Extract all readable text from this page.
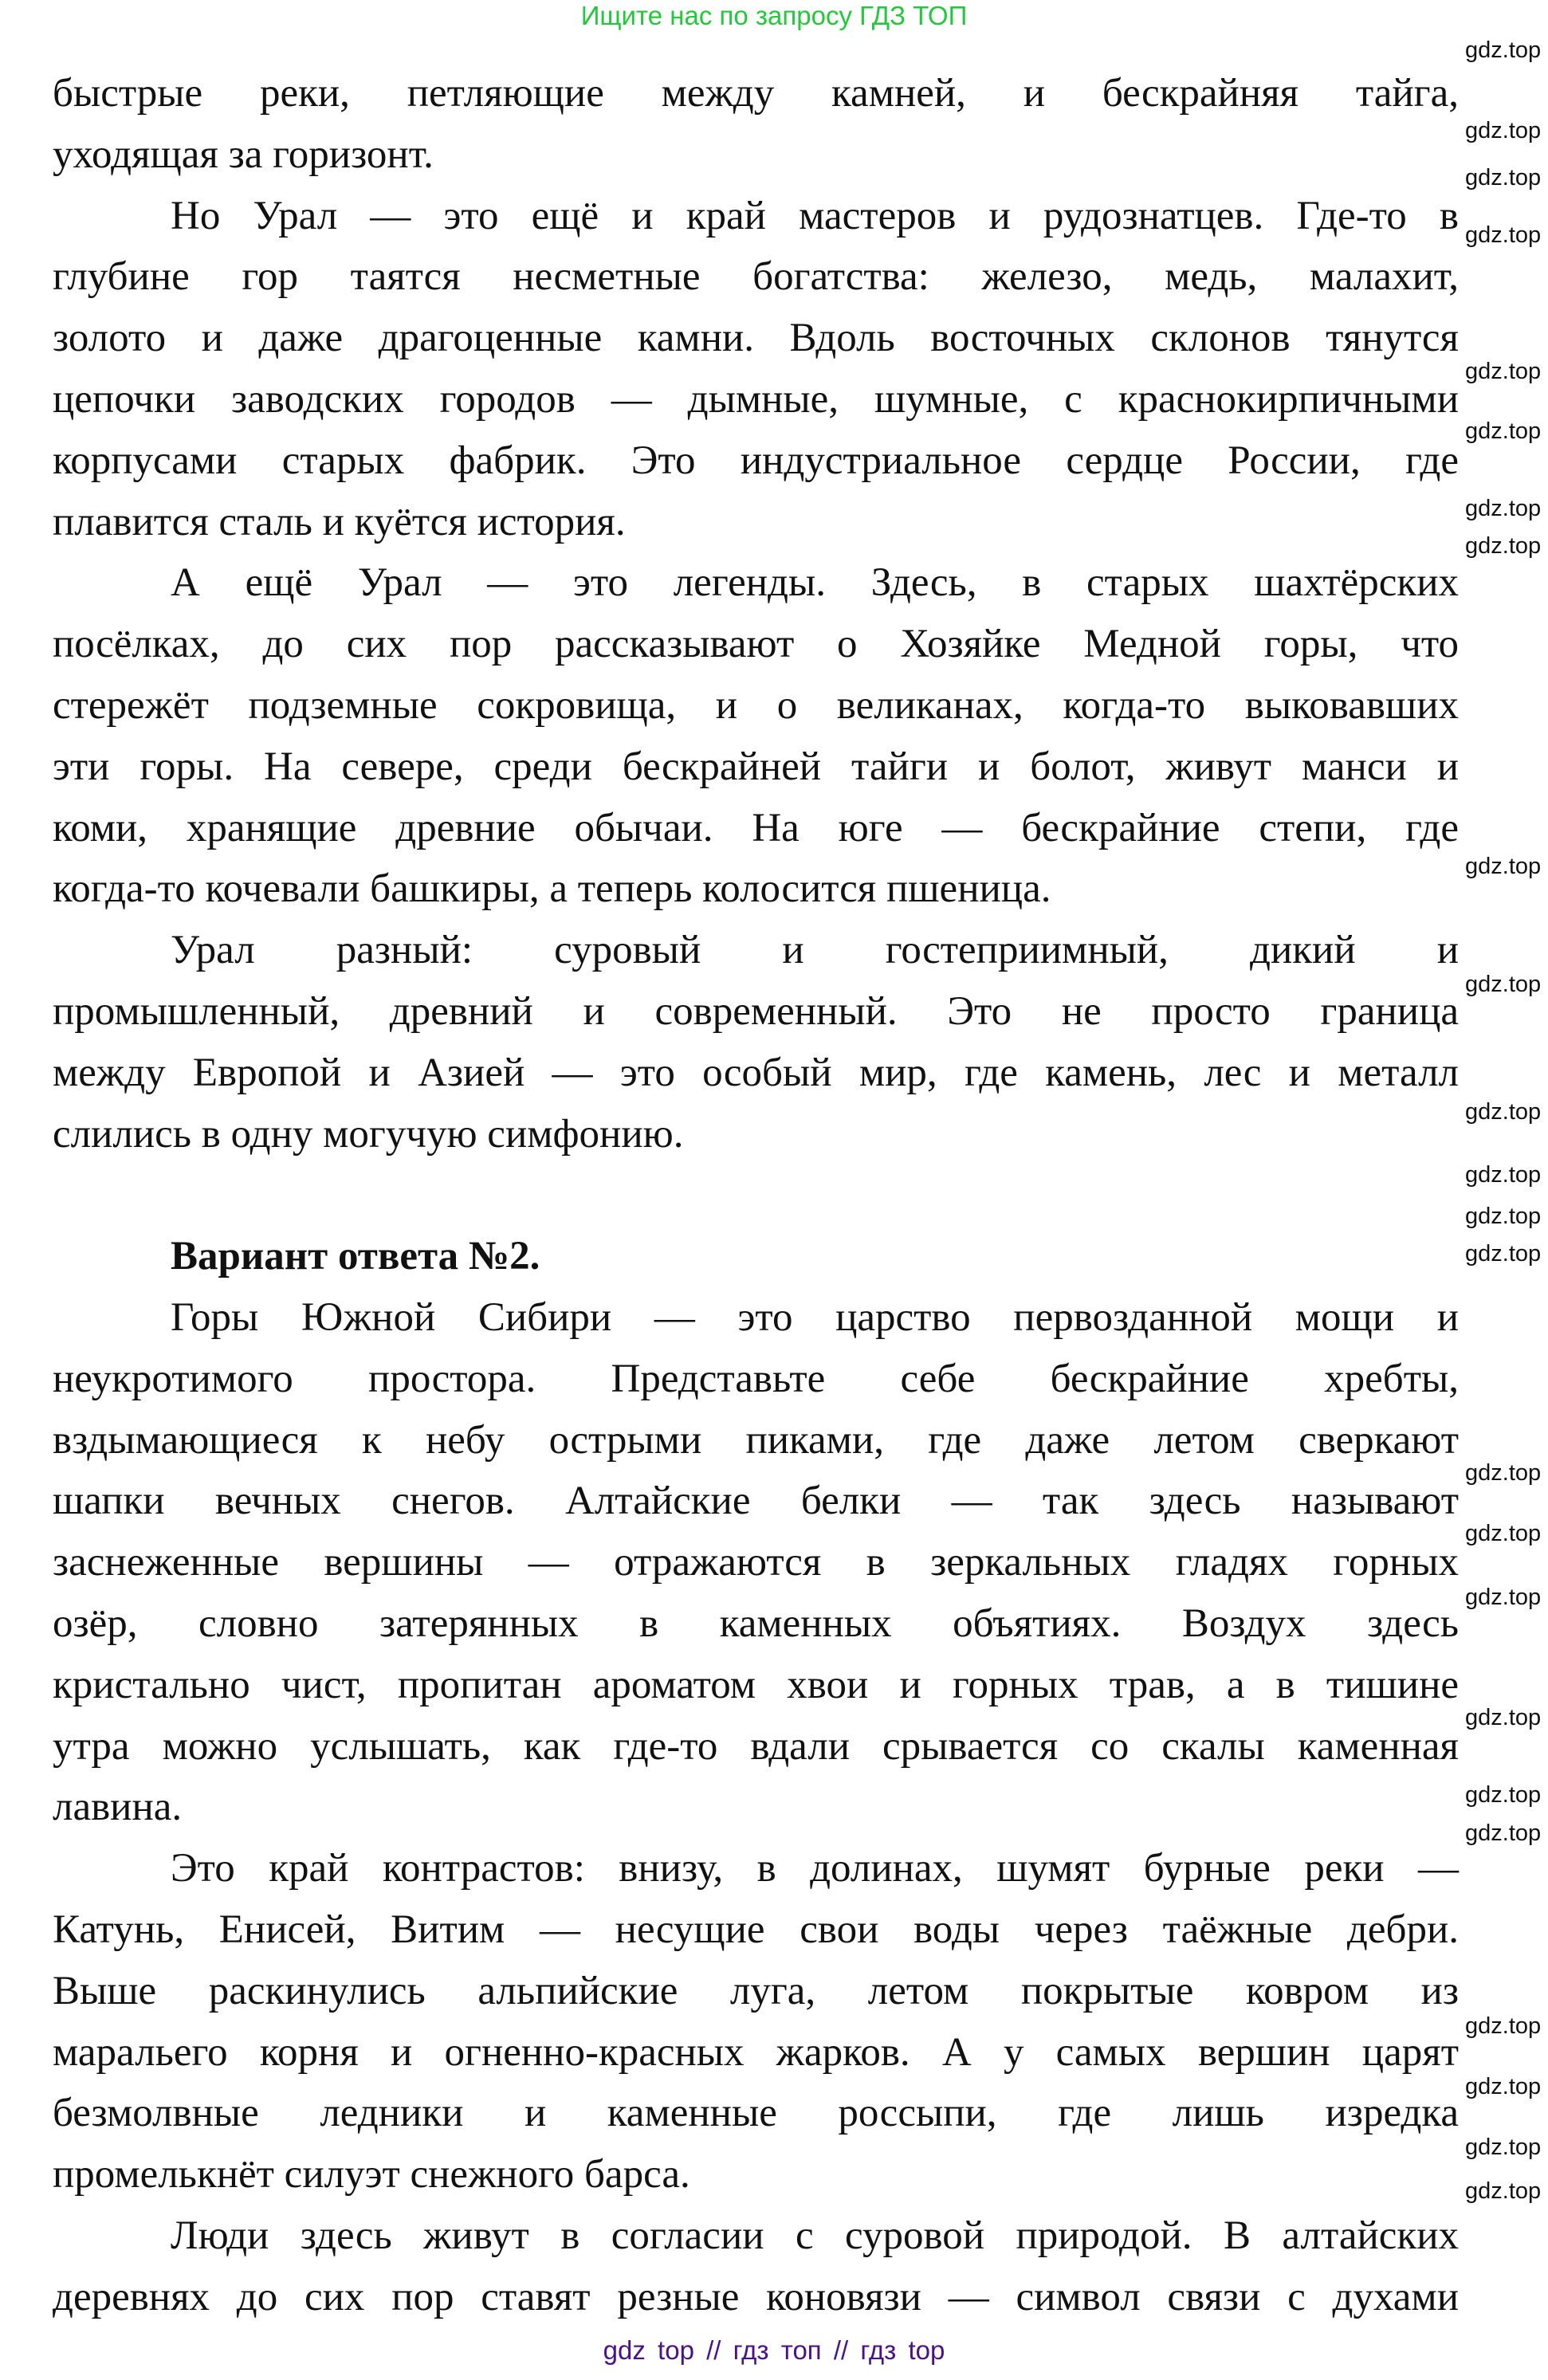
Ищите нас по запросу ГДЗ ТОП
быстрые реки, петляющие между камней, и бескрайняя тайга,
уходящая за горизонт.
Но Урал — это ещё и край мастеров и рудознатцев. Где-то в
глубине гор таятся несметные богатства: железо, медь, малахит,
золото и даже драгоценные камни. Вдоль восточных склонов тянутся
цепочки заводских городов — дымные, шумные, с краснокирпичными
корпусами старых фабрик. Это индустриальное сердце России, где
плавится сталь и куётся история.
А ещё Урал — это легенды. Здесь, в старых шахтёрских
посёлках, до сих пор рассказывают о Хозяйке Медной горы, что
стережёт подземные сокровища, и о великанах, когда-то выковавших
эти горы. На севере, среди бескрайней тайги и болот, живут манси и
коми, хранящие древние обычаи. На юге — бескрайние степи, где
когда-то кочевали башкиры, а теперь колосится пшеница.
Урал разный: суровый и гостеприимный, дикий и
промышленный, древний и современный. Это не просто граница
между Европой и Азией — это особый мир, где камень, лес и металл
слились в одну могучую симфонию.
Вариант ответа №2.
Горы Южной Сибири — это царство первозданной мощи и
неукротимого простора. Представьте себе бескрайние хребты,
вздымающиеся к небу острыми пиками, где даже летом сверкают
шапки вечных снегов. Алтайские белки — так здесь называют
заснеженные вершины — отражаются в зеркальных гладях горных
озёр, словно затерянных в каменных объятиях. Воздух здесь
кристально чист, пропитан ароматом хвои и горных трав, а в тишине
утра можно услышать, как где-то вдали срывается со скалы каменная
лавина.
Это край контрастов: внизу, в долинах, шумят бурные реки —
Катунь, Енисей, Витим — несущие свои воды через таёжные дебри.
Выше раскинулись альпийские луга, летом покрытые ковром из
маральего корня и огненно-красных жарков. А у самых вершин царят
безмолвные ледники и каменные россыпи, где лишь изредка
промелькнёт силуэт снежного барса.
Люди здесь живут в согласии с суровой природой. В алтайских
деревнях до сих пор ставят резные коновязи — символ связи с духами
gdz.top
gdz.top
gdz.top
gdz.top
gdz.top
gdz.top
gdz.top
gdz.top
gdz.top
gdz.top
gdz.top
gdz.top
gdz.top
gdz.top
gdz.top
gdz.top
gdz.top
gdz.top
gdz.top
gdz.top
gdz.top
gdz.top
gdz.top
gdz.top
gdz top // гдз топ // гдз top
